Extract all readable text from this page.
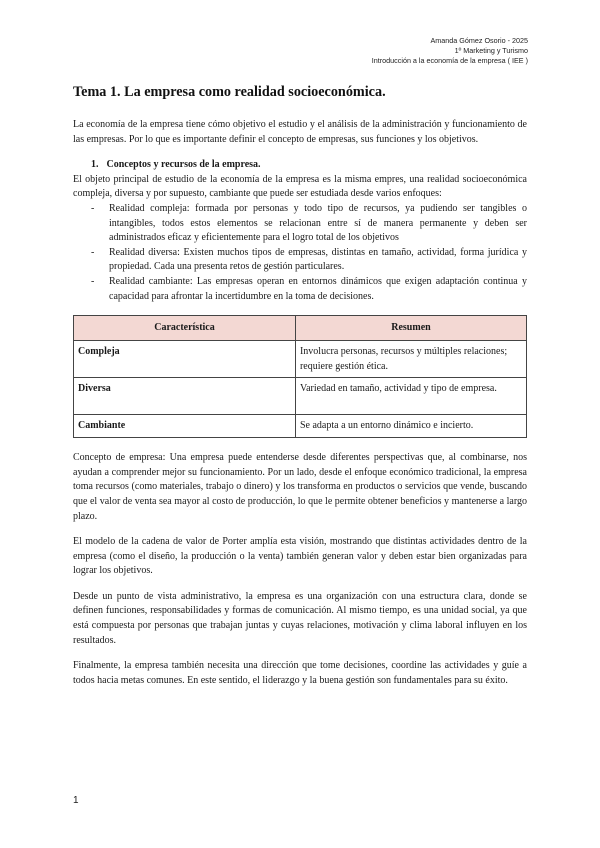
Amanda Gómez Osorio - 2025
1º Marketing y Turismo
Introducción a la economía de la empresa ( IEE )
Tema 1. La empresa como realidad socioeconómica.

La economía de la empresa tiene cómo objetivo el estudio y el análisis de la administración y funcionamiento de las empresas. Por lo que es importante definir el concepto de empresas, sus funciones y los objetivos.

1. Conceptos y recursos de la empresa.

El objeto principal de estudio de la economía de la empresa es la misma empres, una realidad socioeconómica compleja, diversa y por supuesto, cambiante que puede ser estudiada desde varios enfoques:

- Realidad compleja: formada por personas y todo tipo de recursos, ya pudiendo ser tangibles o intangibles, todos estos elementos se relacionan entre sí de manera permanente y deben ser administrados eficaz y eficientemente para el logro total de los objetivos
- Realidad diversa: Existen muchos tipos de empresas, distintas en tamaño, actividad, forma jurídica y propiedad. Cada una presenta retos de gestión particulares.
- Realidad cambiante: Las empresas operan en entornos dinámicos que exigen adaptación continua y capacidad para afrontar la incertidumbre en la toma de decisiones.
Característica	Resumen
Compleja	Involucra personas, recursos y múltiples relaciones; requiere gestión ética.
Diversa	Variedad en tamaño, actividad y tipo de empresa.
Cambiante	Se adapta a un entorno dinámico e incierto.

Concepto de empresa: Una empresa puede entenderse desde diferentes perspectivas que, al combinarse, nos ayudan a comprender mejor su funcionamiento. Por un lado, desde el enfoque económico tradicional, la empresa toma recursos (como materiales, trabajo o dinero) y los transforma en productos o servicios que vende, buscando que el valor de venta sea mayor al costo de producción, lo que le permite obtener beneficios y mantenerse a largo plazo.

El modelo de la cadena de valor de Porter amplía esta visión, mostrando que distintas actividades dentro de la empresa (como el diseño, la producción o la venta) también generan valor y deben estar bien organizadas para lograr los objetivos.

Desde un punto de vista administrativo, la empresa es una organización con una estructura clara, donde se definen funciones, responsabilidades y formas de comunicación. Al mismo tiempo, es una unidad social, ya que está compuesta por personas que trabajan juntas y cuyas relaciones, motivación y clima laboral influyen en los resultados.

Finalmente, la empresa también necesita una dirección que tome decisiones, coordine las actividades y guíe a todos hacia metas comunes. En este sentido, el liderazgo y la buena gestión son fundamentales para su éxito.

1
